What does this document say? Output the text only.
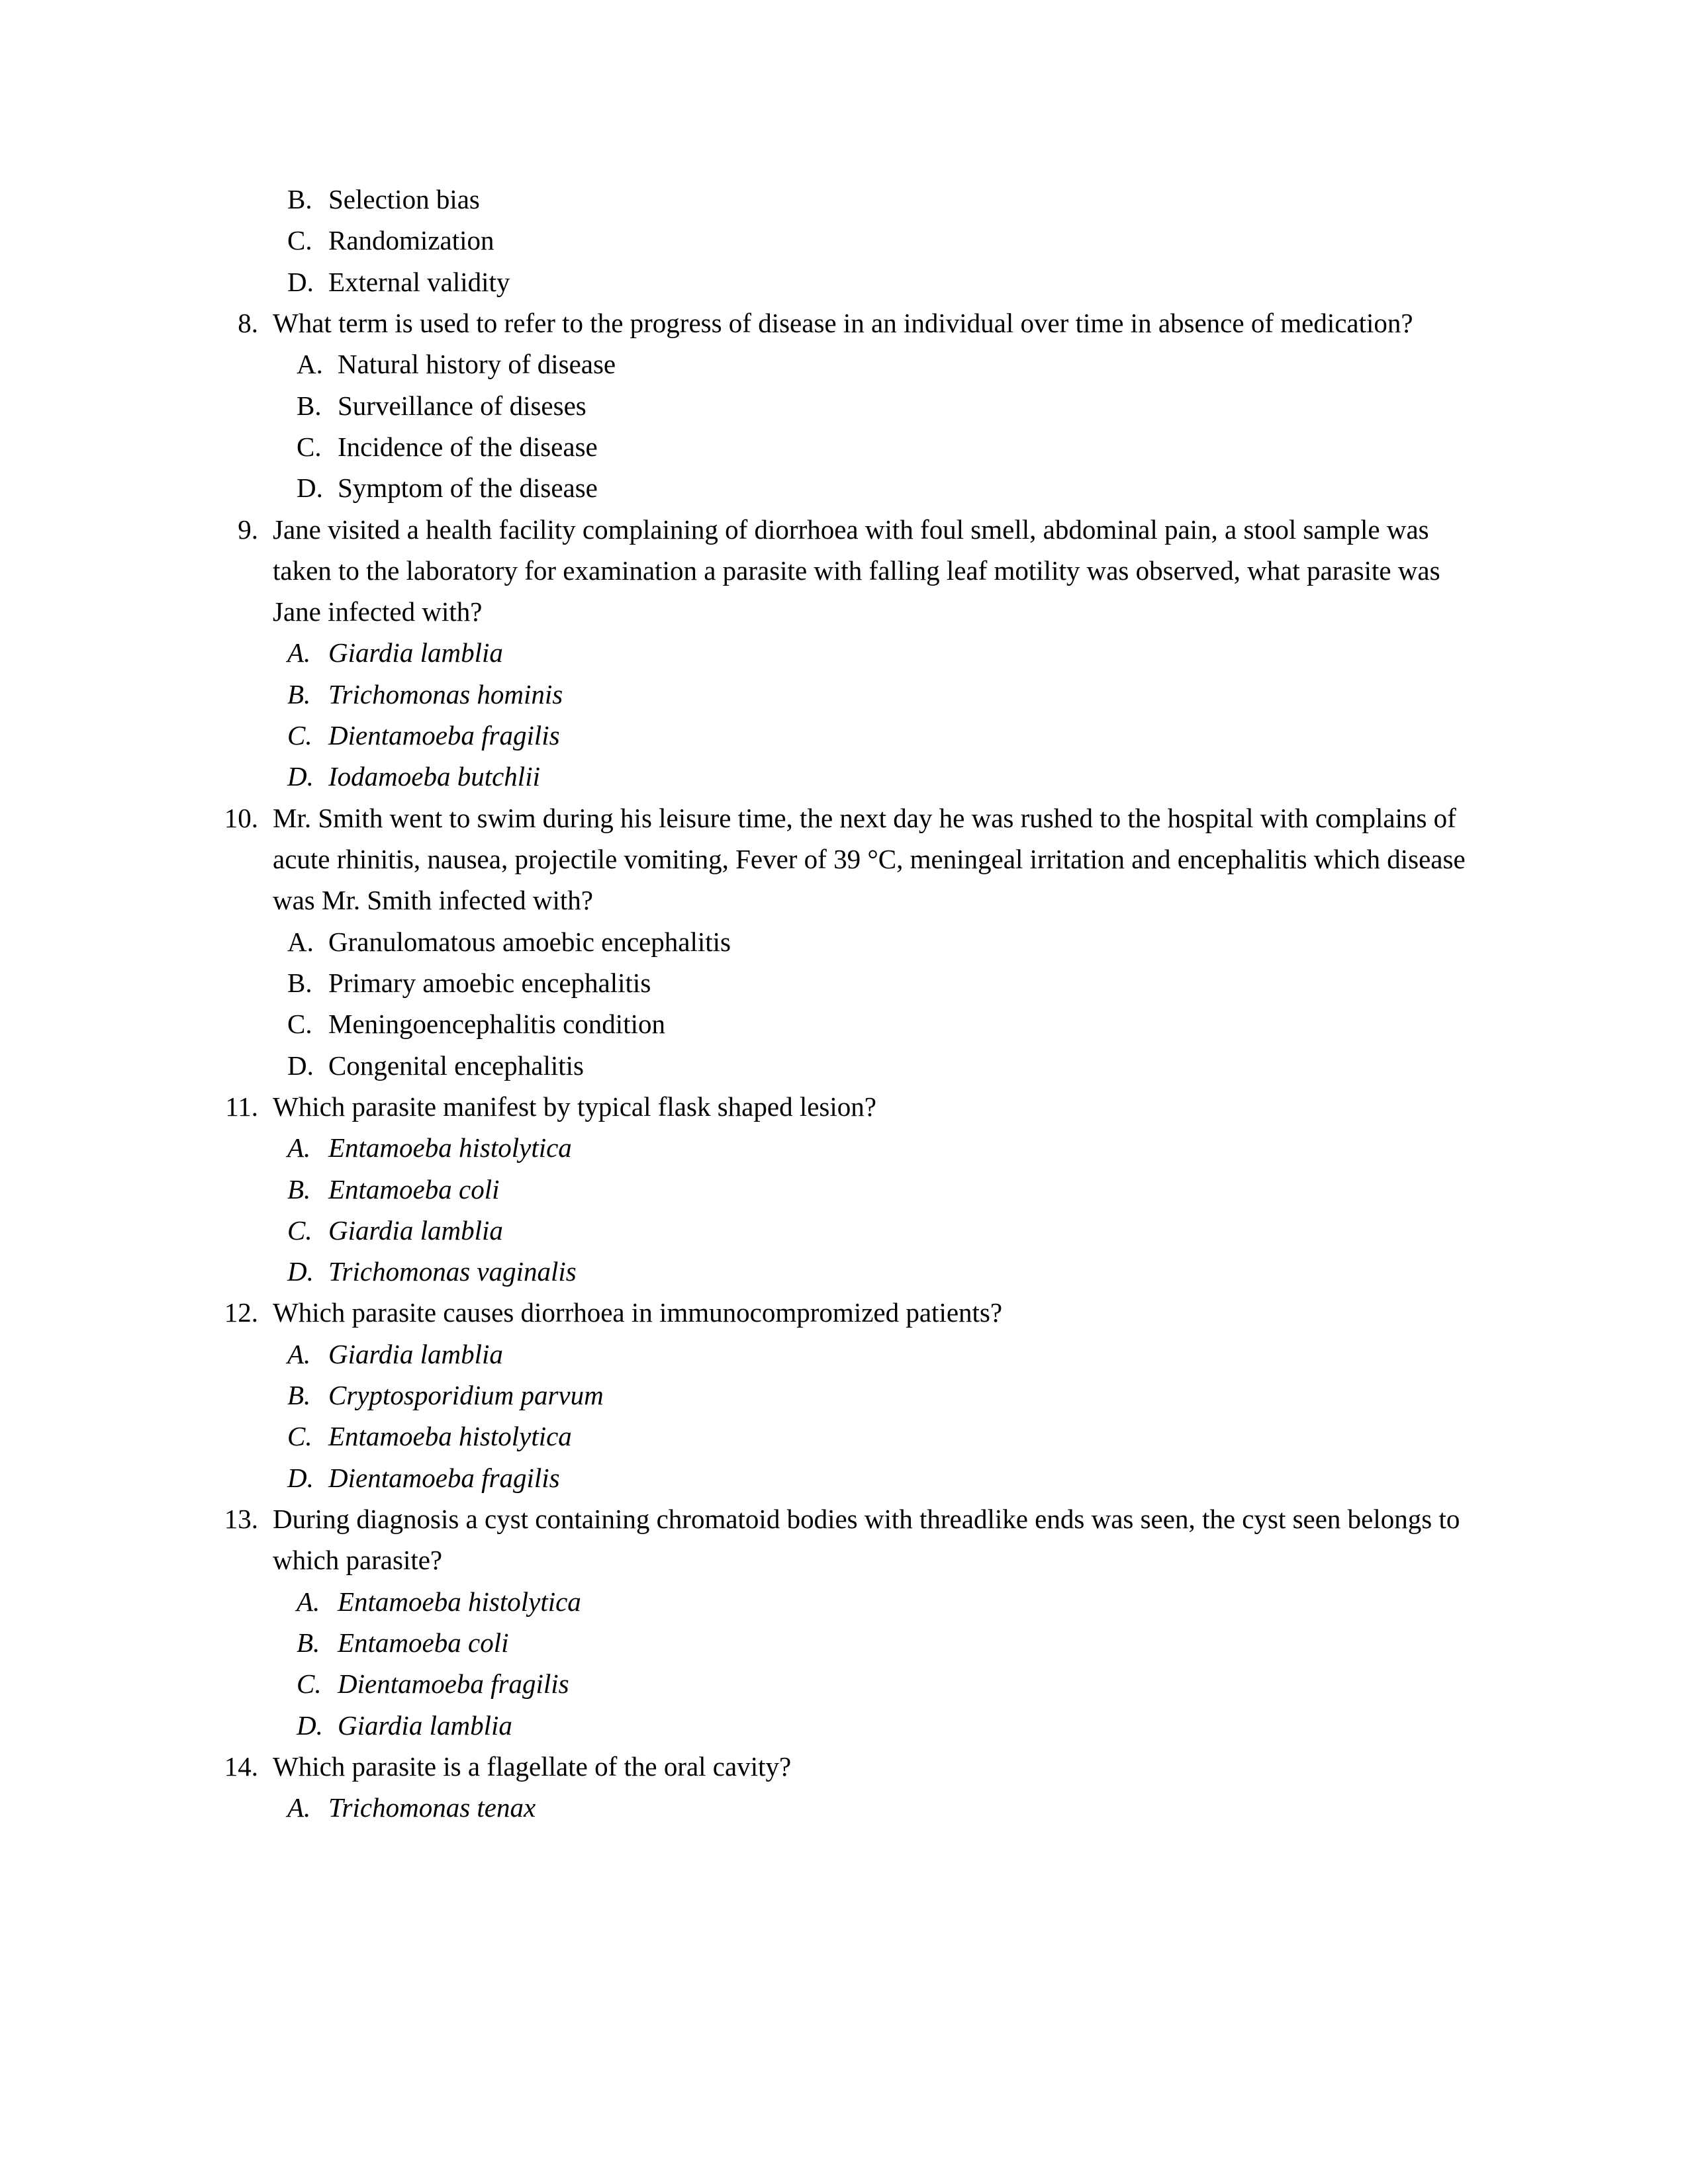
B. Selection bias
C. Randomization
D. External validity
8. What term is used to refer to the progress of disease in an individual over time in absence of medication?
A. Natural history of disease
B. Surveillance of diseses
C. Incidence of the disease
D. Symptom of the disease
9. Jane visited a health facility complaining of diorrhoea with foul smell, abdominal pain, a stool sample was taken to the laboratory for examination a parasite with falling leaf motility was observed, what parasite was Jane infected with?
A. Giardia lamblia
B. Trichomonas hominis
C. Dientamoeba fragilis
D. Iodamoeba butchlii
10. Mr. Smith went to swim during his leisure time, the next day he was rushed to the hospital with complains of acute rhinitis, nausea, projectile vomiting, Fever of 39 °C, meningeal irritation and encephalitis which disease was Mr. Smith infected with?
A. Granulomatous amoebic encephalitis
B. Primary amoebic encephalitis
C. Meningoencephalitis condition
D. Congenital encephalitis
11. Which parasite manifest by typical flask shaped lesion?
A. Entamoeba histolytica
B. Entamoeba coli
C. Giardia lamblia
D. Trichomonas vaginalis
12. Which parasite causes diorrhoea in immunocompromized patients?
A. Giardia lamblia
B. Cryptosporidium parvum
C. Entamoeba histolytica
D. Dientamoeba fragilis
13. During diagnosis a cyst containing chromatoid bodies with threadlike ends was seen, the cyst seen belongs to which parasite?
A. Entamoeba histolytica
B. Entamoeba coli
C. Dientamoeba fragilis
D. Giardia lamblia
14. Which parasite is a flagellate of the oral cavity?
A. Trichomonas tenax
